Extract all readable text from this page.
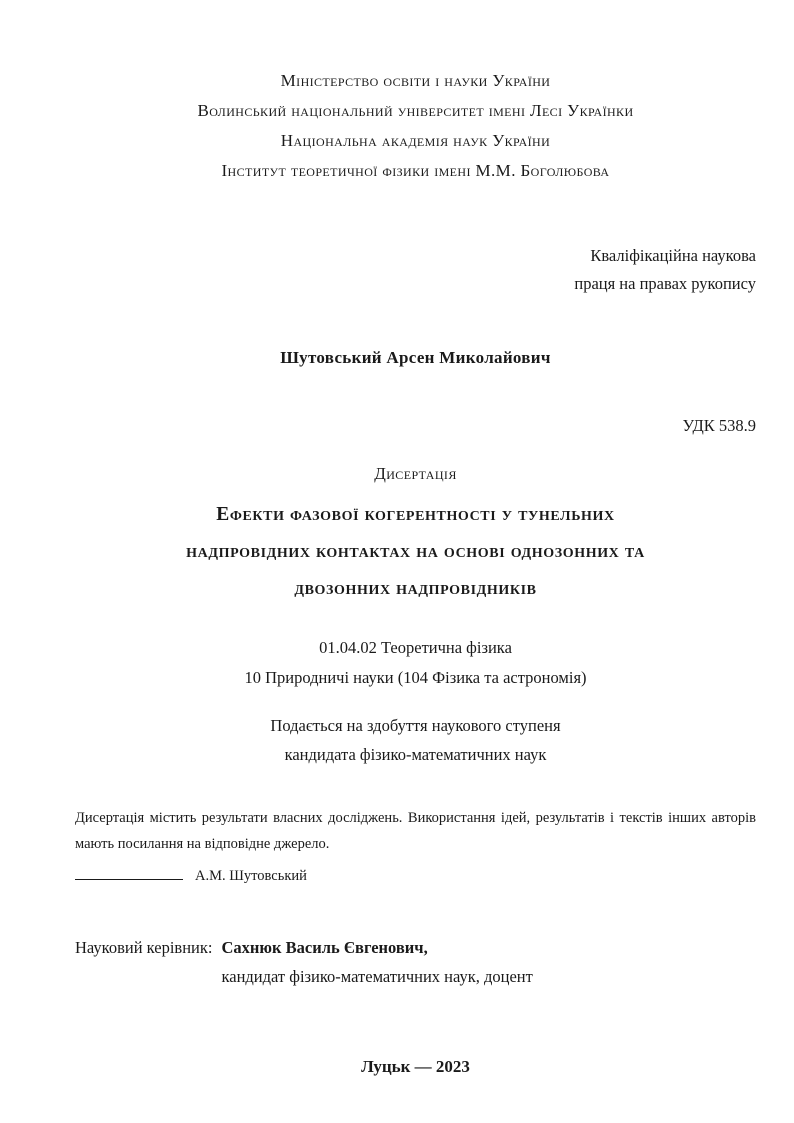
Міністерство освіти і науки України
Волинський національний університет імені Лесі Українки
Національна академія наук України
Інститут теоретичної фізики імені М.М. Боголюбова
Кваліфікаційна наукова
праця на правах рукопису
Шутовський Арсен Миколайович
УДК 538.9
Дисертація
Ефекти фазової когерентності у тунельних
надпровідних контактах на основі однозонних та
двозонних надпровідників
01.04.02 Теоретична фізика
10 Природничі науки (104 Фізика та астрономія)
Подається на здобуття наукового ступеня
кандидата фізико-математичних наук
Дисертація містить результати власних досліджень. Використання ідей, результатів і текстів інших авторів мають посилання на відповідне джерело.
А.М. Шутовський
Науковий керівник: Сахнюк Василь Євгенович,
кандидат фізико-математичних наук, доцент
Луцьк — 2023
